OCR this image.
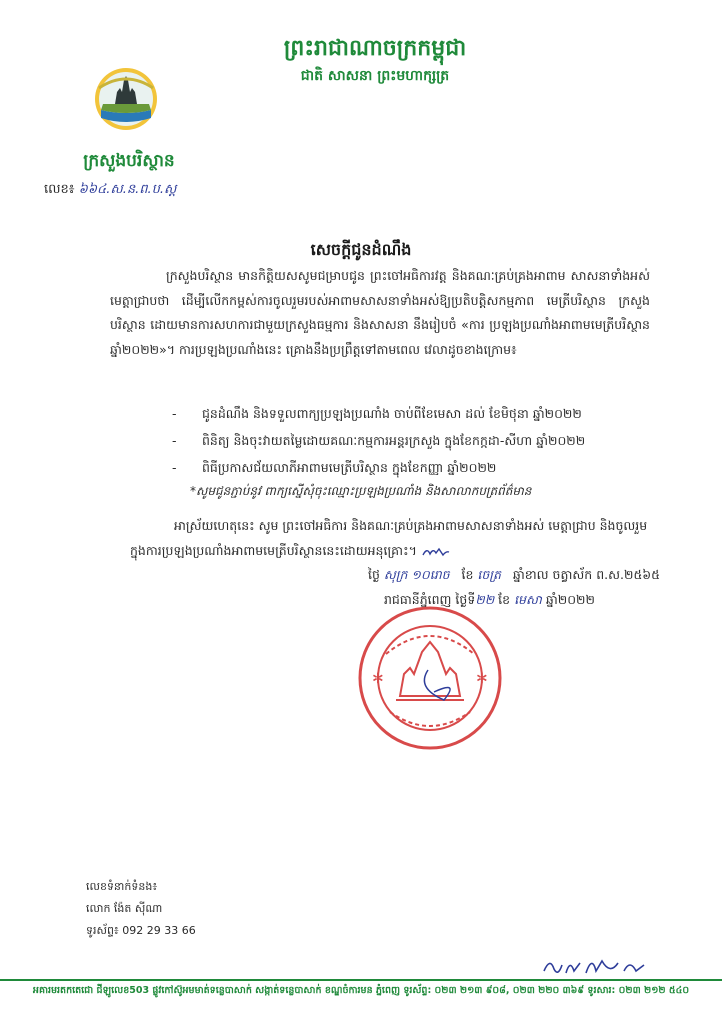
ព្រះរាជាណាចក្រកម្ពុជា
ជាតិ សាសនា ព្រះមហាក្សត្រ
ក្រសួងបរិស្ថាន
លេខ៖ ៦៦៤.ស.ន.ព.ប.ស្ត
សេចក្តីជូនដំណឹង
ក្រសួងបរិស្ថាន មានកិត្តិយសសូមជម្រាបជូន ព្រះចៅអធិការវត្ត និងគណៈគ្រប់គ្រងអាពាម សាសនាទាំងអស់ មេត្តាជ្រាបថា ដើម្បីលើកកម្ពស់ការចូលរួមរបស់អាពាមសាសនាទាំងអស់ឱ្យប្រតិបត្តិសកម្មភាព មេត្រីបរិស្ថាន ក្រសួងបរិស្ថាន ដោយមានការសហការជាមួយក្រសួងធម្មការ និងសាសនា នឹងរៀបចំ «ការ ប្រឡងប្រណាំងអាពាមមេត្រីបរិស្ថាន ឆ្នាំ២០២២»។ ការប្រឡងប្រណាំងនេះ គ្រោងនឹងប្រព្រឹត្តទៅតាមពេល វេលាដូចខាងក្រោម៖
- ជូនដំណឹង និងទទួលពាក្យប្រឡងប្រណាំង ចាប់ពីខែមេសា ដល់ ខែមិថុនា ឆ្នាំ២០២២
- ពិនិត្យ និងចុះវាយតម្លៃដោយគណៈកម្មការអន្តរក្រសួង ក្នុងខែកក្កដា-សីហា ឆ្នាំ២០២២
- ពិធីប្រកាសជ័យលាភីអាពាមមេត្រីបរិស្ថាន ក្នុងខែកញ្ញា ឆ្នាំ២០២២
*សូមជូនភ្ជាប់នូវ ពាក្យស្នើសុំចុះឈ្មោះប្រឡងប្រណាំង និងសាលាកបត្រព័ត៌មាន
អាស្រ័យហេតុនេះ សូម ព្រះចៅអធិការ និងគណៈគ្រប់គ្រងអាពាមសាសនាទាំងអស់ មេត្តាជ្រាប និងចូលរួមក្នុងការប្រឡងប្រណាំងអាពាមមេត្រីបរិស្ថាននេះដោយអនុគ្រោះ។
ថ្ងៃ សុក្រ ១០រោច ខែ ចេត្រ ឆ្នាំខាល ចត្វាស័ក ព.ស.២៥៦៥
រាជធានីភ្នំពេញ ថ្ងៃទី២២ ខែ មេសា ឆ្នាំ២០២២
✲	✲
លេខទំនាក់ទំនង៖
លោក ង៉ែត ស៊ីណា
ទូរស័ព្ទ៖ 092 29 33 66
អគារមរតកតេជោ ជីឡូលេខ503 ផ្លូវកៅស៊ូអមមាត់ទន្លេបាសាក់ សង្កាត់ទន្លេបាសាក់ ខណ្ឌចំការមន ភ្នំពេញ ទូរស័ព្ទ: ០២៣ ២១៣ ៩០៨, ០២៣ ២២០ ៣៦៩ ទូរសារ: ០២៣ ២១២ ៥៤០
